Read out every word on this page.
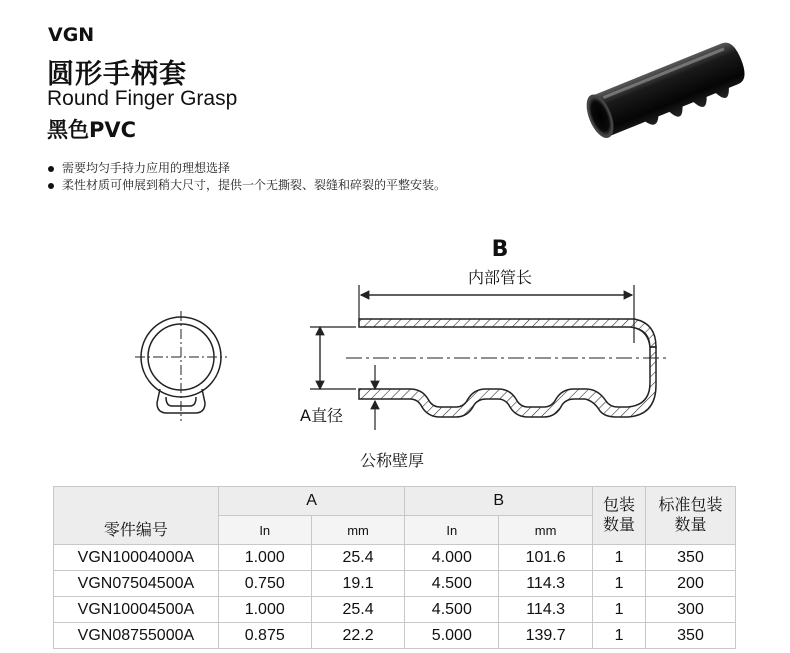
VGN
圆形手柄套
Round Finger Grasp
黑色PVC
需要均匀手持力应用的理想选择
柔性材质可伸展到稍大尺寸，提供一个无撕裂、裂缝和碎裂的平整安装。
B
内部管长
A直径
公称壁厚
零件编号	A		B		包装数量	标准包装数量
	In	mm	In	mm		
VGN10004000A	1.000	25.4	4.000	101.6	1	350
VGN07504500A	0.750	19.1	4.500	114.3	1	200
VGN10004500A	1.000	25.4	4.500	114.3	1	300
VGN08755000A	0.875	22.2	5.000	139.7	1	350
